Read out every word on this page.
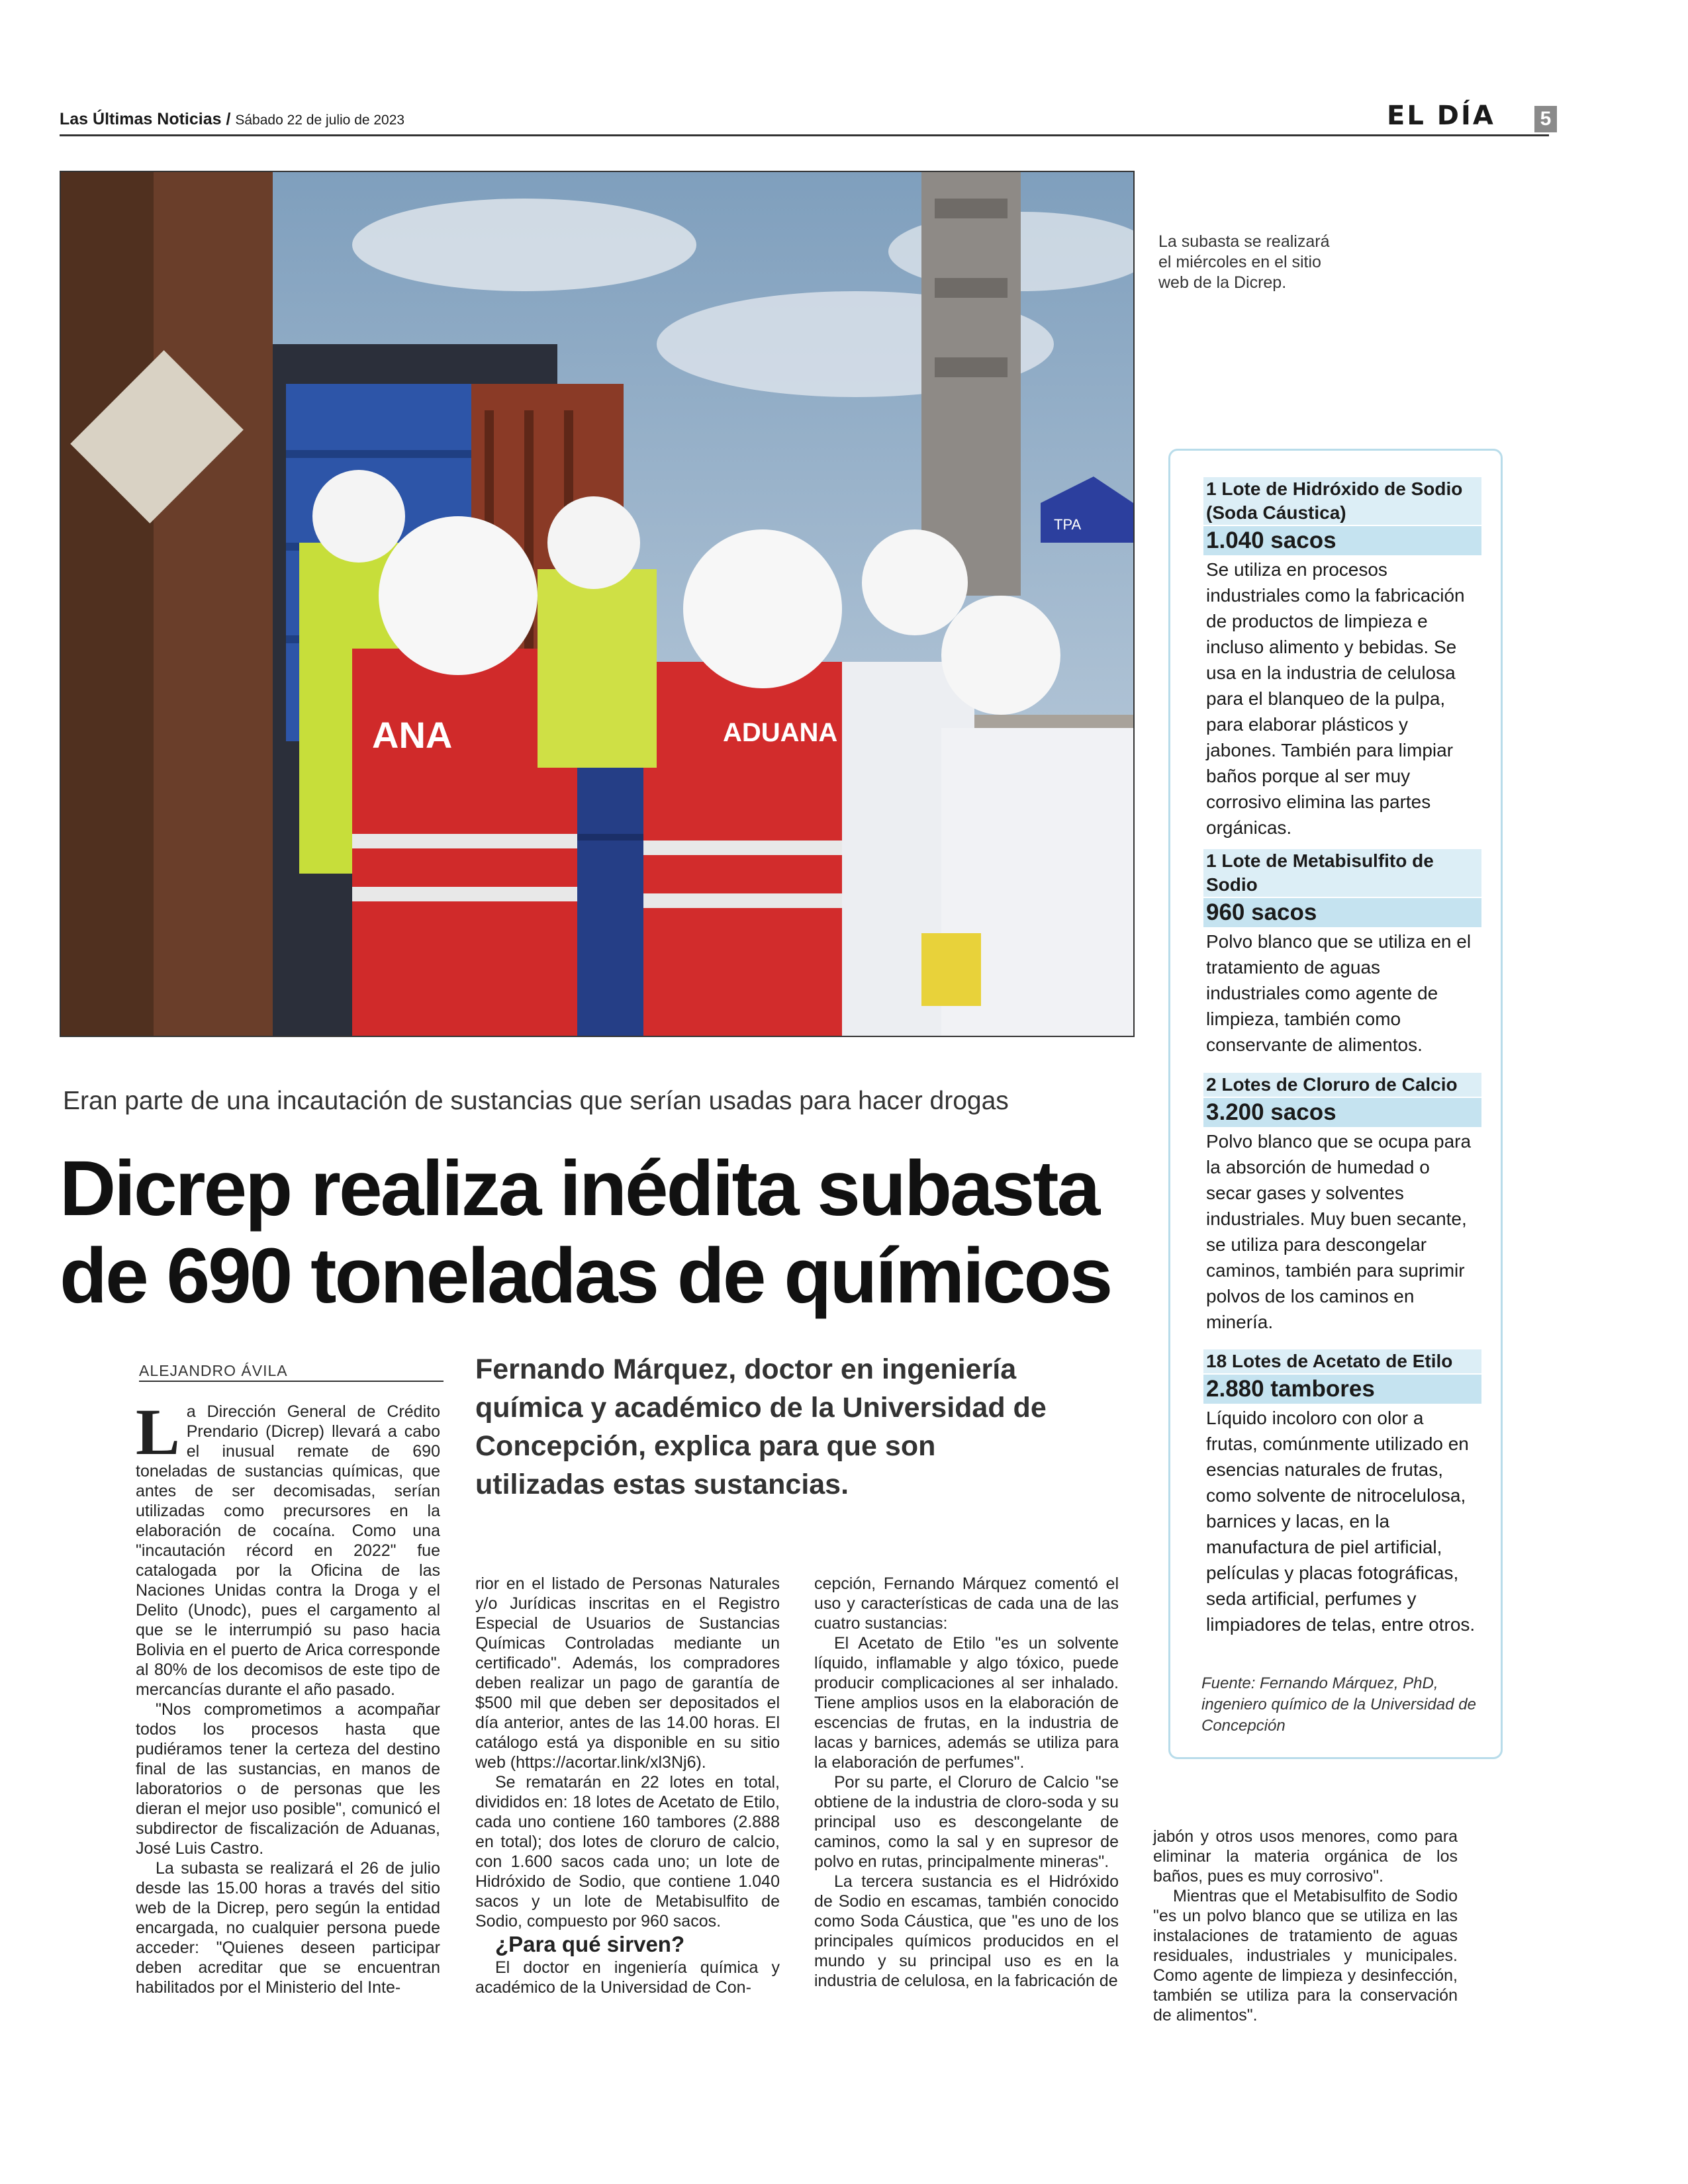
Las Últimas Noticias / Sábado 22 de julio de 2023	EL DÍA 5
TPA
ANA	ADUANA
La subasta se realizará el miércoles en el sitio web de la Dicrep.
1 Lote de Hidróxido de Sodio (Soda Cáustica)
1.040 sacos
Se utiliza en procesos industriales como la fabricación de productos de limpieza e incluso alimento y bebidas. Se usa en la industria de celulosa para el blanqueo de la pulpa, para elaborar plásticos y jabones. También para limpiar baños porque al ser muy corrosivo elimina las partes orgánicas.
1 Lote de Metabisulfito de Sodio
960 sacos
Polvo blanco que se utiliza en el tratamiento de aguas industriales como agente de limpieza, también como conservante de alimentos.
2 Lotes de Cloruro de Calcio
3.200 sacos
Polvo blanco que se ocupa para la absorción de humedad o secar gases y solventes industriales. Muy buen secante, se utiliza para descongelar caminos, también para suprimir polvos de los caminos en minería.
18 Lotes de Acetato de Etilo
2.880 tambores
Líquido incoloro con olor a frutas, comúnmente utilizado en esencias naturales de frutas, como solvente de nitrocelulosa, barnices y lacas, en la manufactura de piel artificial, películas y placas fotográficas, seda artificial, perfumes y limpiadores de telas, entre otros.
Fuente: Fernando Márquez, PhD, ingeniero químico de la Universidad de Concepción
Eran parte de una incautación de sustancias que serían usadas para hacer drogas
Dicrep realiza inédita subasta
de 690 toneladas de químicos
ALEJANDRO ÁVILA	Fernando Márquez, doctor en ingeniería química y académico de la Universidad de Concepción, explica para que son utilizadas estas sustancias.

La Dirección General de Crédito Prendario (Dicrep) llevará a cabo el inusual remate de 690 toneladas de sustancias químicas, que antes de ser decomisadas, serían utilizadas como precursores en la elaboración de cocaína. Como una "incautación récord en 2022" fue catalogada por la Oficina de las Naciones Unidas contra la Droga y el Delito (Unodc), pues el cargamento al que se le interrumpió su paso hacia Bolivia en el puerto de Arica corresponde al 80% de los decomisos de este tipo de mercancías durante el año pasado.

"Nos comprometimos a acompañar todos los procesos hasta que pudiéramos tener la certeza del destino final de las sustancias, en manos de laboratorios o de personas que les dieran el mejor uso posible", comunicó el subdirector de fiscalización de Aduanas, José Luis Castro.

La subasta se realizará el 26 de julio desde las 15.00 horas a través del sitio web de la Dicrep, pero según la entidad encargada, no cualquier persona puede acceder: "Quienes deseen participar deben acreditar que se encuentran habilitados por el Ministerio del Inte-

rior en el listado de Personas Naturales y/o Jurídicas inscritas en el Registro Especial de Usuarios de Sustancias Químicas Controladas mediante un certificado". Además, los compradores deben realizar un pago de garantía de $500 mil que deben ser depositados el día anterior, antes de las 14.00 horas. El catálogo está ya disponible en su sitio web (https://acortar.link/xl3Nj6).

Se rematarán en 22 lotes en total, divididos en: 18 lotes de Acetato de Etilo, cada uno contiene 160 tambores (2.888 en total); dos lotes de cloruro de calcio, con 1.600 sacos cada uno; un lote de Hidróxido de Sodio, que contiene 1.040 sacos y un lote de Metabisulfito de Sodio, compuesto por 960 sacos.

¿Para qué sirven?

El doctor en ingeniería química y académico de la Universidad de Con-

cepción, Fernando Márquez comentó el uso y características de cada una de las cuatro sustancias:

El Acetato de Etilo "es un solvente líquido, inflamable y algo tóxico, puede producir complicaciones al ser inhalado. Tiene amplios usos en la elaboración de escencias de frutas, en la industria de lacas y barnices, además se utiliza para la elaboración de perfumes".

Por su parte, el Cloruro de Calcio "se obtiene de la industria de cloro-soda y su principal uso es descongelante de caminos, como la sal y en supresor de polvo en rutas, principalmente mineras".

La tercera sustancia es el Hidróxido de Sodio en escamas, también conocido como Soda Cáustica, que "es uno de los principales químicos producidos en el mundo y su principal uso es en la industria de celulosa, en la fabricación de

jabón y otros usos menores, como para eliminar la materia orgánica de los baños, pues es muy corrosivo".

Mientras que el Metabisulfito de Sodio "es un polvo blanco que se utiliza en las instalaciones de tratamiento de aguas residuales, industriales y municipales. Como agente de limpieza y desinfección, también se utiliza para la conservación de alimentos".
